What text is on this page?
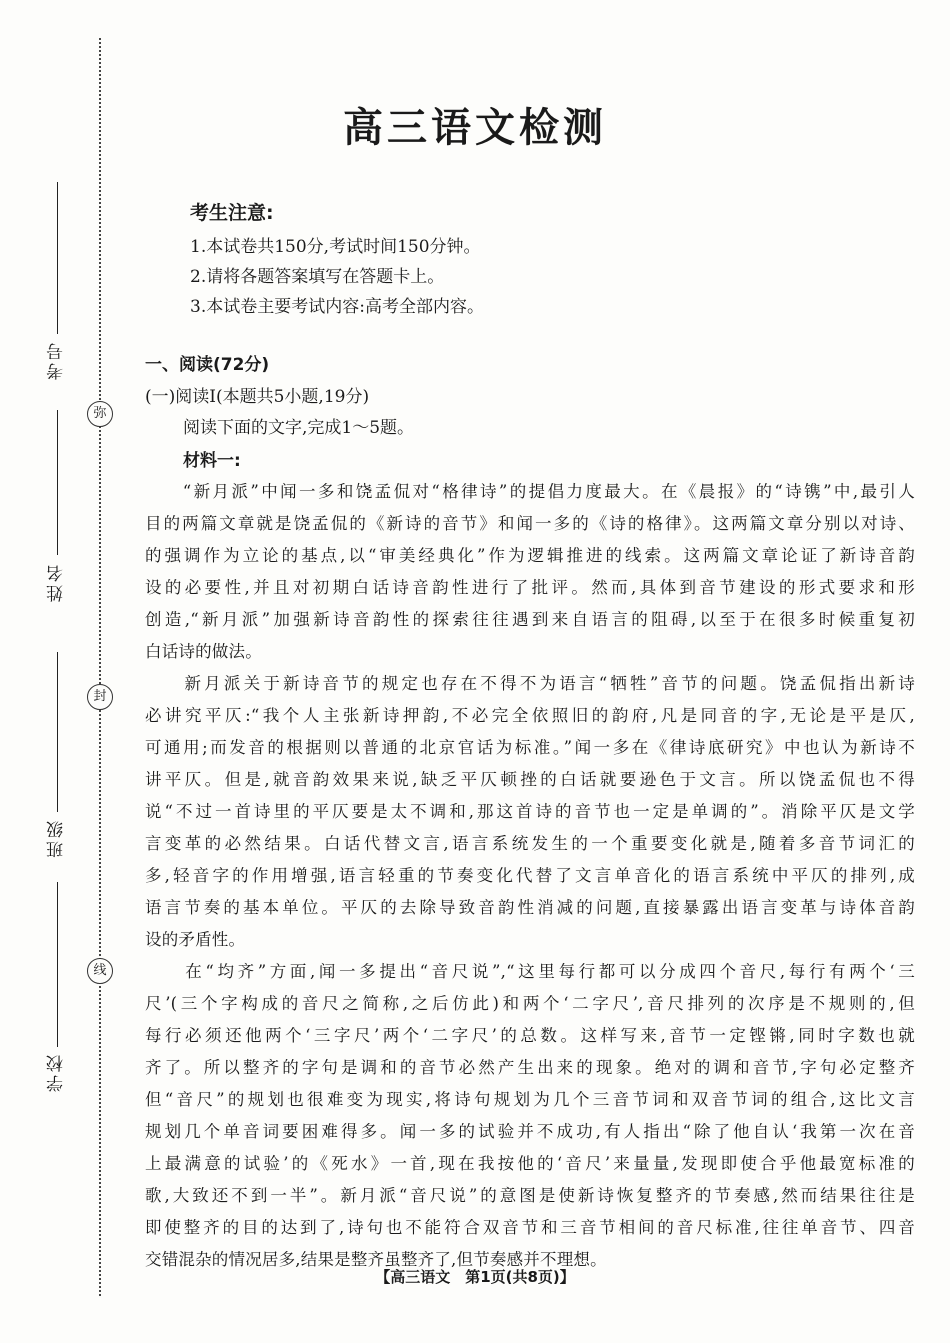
弥
封
线
考号
姓名
班级
学校
高三语文检测
考生注意:
1.本试卷共150分,考试时间150分钟。
2.请将各题答案填写在答题卡上。
3.本试卷主要考试内容:高考全部内容。
一、阅读(72分)
(一)阅读Ⅰ(本题共5小题,19分)
阅读下面的文字,完成1～5题。
材料一:
　　“新月派”中闻一多和饶孟侃对“格律诗”的提倡力度最大。在《晨报》的“诗镌”中,最引人
目的两篇文章就是饶孟侃的《新诗的音节》和闻一多的《诗的格律》。这两篇文章分别以对诗、
的强调作为立论的基点,以“审美经典化”作为逻辑推进的线索。这两篇文章论证了新诗音韵
设的必要性,并且对初期白话诗音韵性进行了批评。然而,具体到音节建设的形式要求和形
创造,“新月派”加强新诗音韵性的探索往往遇到来自语言的阻碍,以至于在很多时候重复初
白话诗的做法。
　　新月派关于新诗音节的规定也存在不得不为语言“牺牲”音节的问题。饶孟侃指出新诗
必讲究平仄:“我个人主张新诗押韵,不必完全依照旧的韵府,凡是同音的字,无论是平是仄,
可通用;而发音的根据则以普通的北京官话为标准。”闻一多在《律诗底研究》中也认为新诗不
讲平仄。但是,就音韵效果来说,缺乏平仄顿挫的白话就要逊色于文言。所以饶孟侃也不得
说“不过一首诗里的平仄要是太不调和,那这首诗的音节也一定是单调的”。消除平仄是文学
言变革的必然结果。白话代替文言,语言系统发生的一个重要变化就是,随着多音节词汇的
多,轻音字的作用增强,语言轻重的节奏变化代替了文言单音化的语言系统中平仄的排列,成
语言节奏的基本单位。平仄的去除导致音韵性消减的问题,直接暴露出语言变革与诗体音韵
设的矛盾性。
　　在“均齐”方面,闻一多提出“音尺说”,“这里每行都可以分成四个音尺,每行有两个‘三
尺’(三个字构成的音尺之简称,之后仿此)和两个‘二字尺’,音尺排列的次序是不规则的,但
每行必须还他两个‘三字尺’两个‘二字尺’的总数。这样写来,音节一定铿锵,同时字数也就
齐了。所以整齐的字句是调和的音节必然产生出来的现象。绝对的调和音节,字句必定整齐
但“音尺”的规划也很难变为现实,将诗句规划为几个三音节词和双音节词的组合,这比文言
规划几个单音词要困难得多。闻一多的试验并不成功,有人指出“除了他自认‘我第一次在音
上最满意的试验’的《死水》一首,现在我按他的‘音尺’来量量,发现即使合乎他最宽标准的
歌,大致还不到一半”。新月派“音尺说”的意图是使新诗恢复整齐的节奏感,然而结果往往是
即使整齐的目的达到了,诗句也不能符合双音节和三音节相间的音尺标准,往往单音节、四音
交错混杂的情况居多,结果是整齐虽整齐了,但节奏感并不理想。
【高三语文　第1页(共8页)】
